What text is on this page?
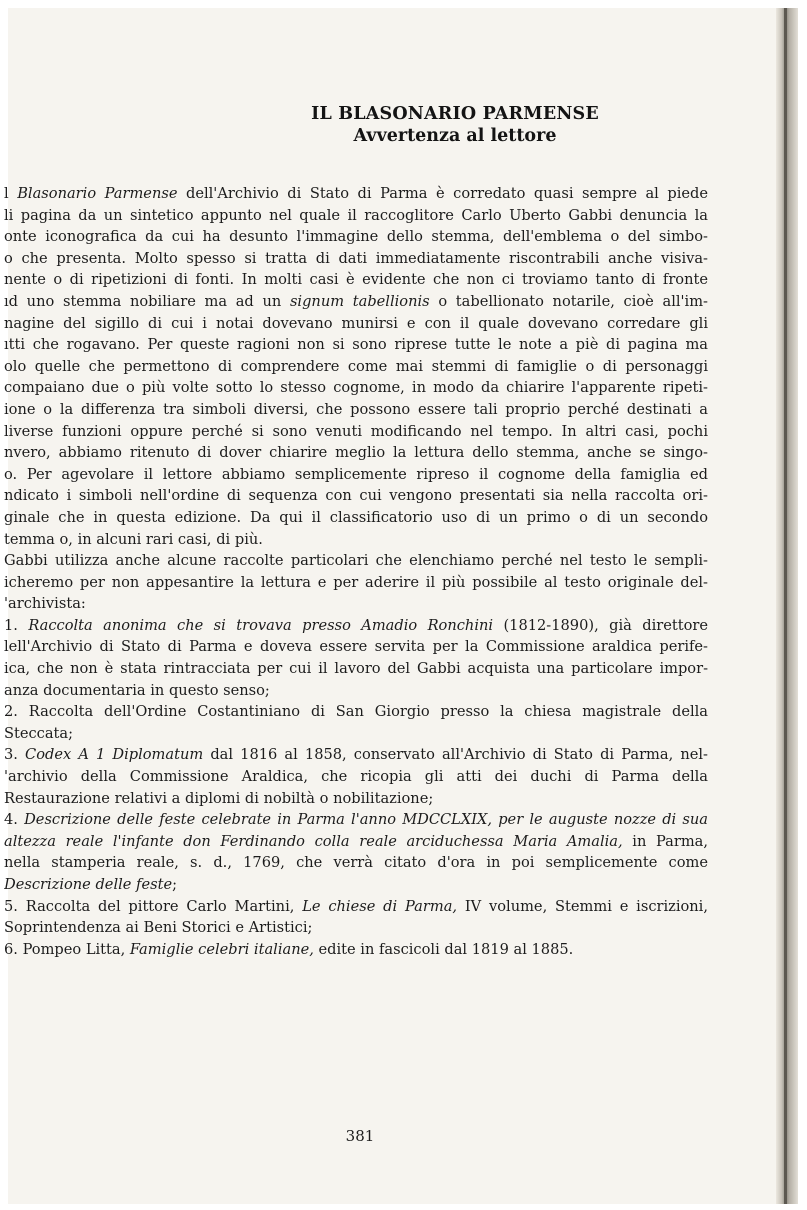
IL BLASONARIO PARMENSE
Avvertenza al lettore
l Blasonario Parmense dell'Archivio di Stato di Parma è corredato quasi sempre al piede
li pagina da un sintetico appunto nel quale il raccoglitore Carlo Uberto Gabbi denuncia la
onte iconografica da cui ha desunto l'immagine dello stemma, dell'emblema o del simbo-
o che presenta. Molto spesso si tratta di dati immediatamente riscontrabili anche visiva-
nente o di ripetizioni di fonti. In molti casi è evidente che non ci troviamo tanto di fronte
ıd uno stemma nobiliare ma ad un signum tabellionis o tabellionato notarile, cioè all'im-
nagine del sigillo di cui i notai dovevano munirsi e con il quale dovevano corredare gli
ıtti che rogavano. Per queste ragioni non si sono riprese tutte le note a piè di pagina ma
olo quelle che permettono di comprendere come mai stemmi di famiglie o di personaggi
compaiano due o più volte sotto lo stesso cognome, in modo da chiarire l'apparente ripeti-
ione o la differenza tra simboli diversi, che possono essere tali proprio perché destinati a
liverse funzioni oppure perché si sono venuti modificando nel tempo. In altri casi, pochi
nvero, abbiamo ritenuto di dover chiarire meglio la lettura dello stemma, anche se singo-
o. Per agevolare il lettore abbiamo semplicemente ripreso il cognome della famiglia ed
ndicato i simboli nell'ordine di sequenza con cui vengono presentati sia nella raccolta ori-
ginale che in questa edizione. Da qui il classificatorio uso di un primo o di un secondo
temma o, in alcuni rari casi, di più.
Gabbi utilizza anche alcune raccolte particolari che elenchiamo perché nel testo le sempli-
icheremo per non appesantire la lettura e per aderire il più possibile al testo originale del-
'archivista:
1. Raccolta anonima che si trovava presso Amadio Ronchini (1812-1890), già direttore
lell'Archivio di Stato di Parma e doveva essere servita per la Commissione araldica perife-
ica, che non è stata rintracciata per cui il lavoro del Gabbi acquista una particolare impor-
anza documentaria in questo senso;
2. Raccolta dell'Ordine Costantiniano di San Giorgio presso la chiesa magistrale della
Steccata;
3. Codex A 1 Diplomatum dal 1816 al 1858, conservato all'Archivio di Stato di Parma, nel-
'archivio della Commissione Araldica, che ricopia gli atti dei duchi di Parma della
Restaurazione relativi a diplomi di nobiltà o nobilitazione;
4. Descrizione delle feste celebrate in Parma l'anno MDCCLXIX, per le auguste nozze di sua
altezza reale l'infante don Ferdinando colla reale arciduchessa Maria Amalia, in Parma,
nella stamperia reale, s. d., 1769, che verrà citato d'ora in poi semplicemente come
Descrizione delle feste;
5. Raccolta del pittore Carlo Martini, Le chiese di Parma, IV volume, Stemmi e iscrizioni,
Soprintendenza ai Beni Storici e Artistici;
6. Pompeo Litta, Famiglie celebri italiane, edite in fascicoli dal 1819 al 1885.
381
